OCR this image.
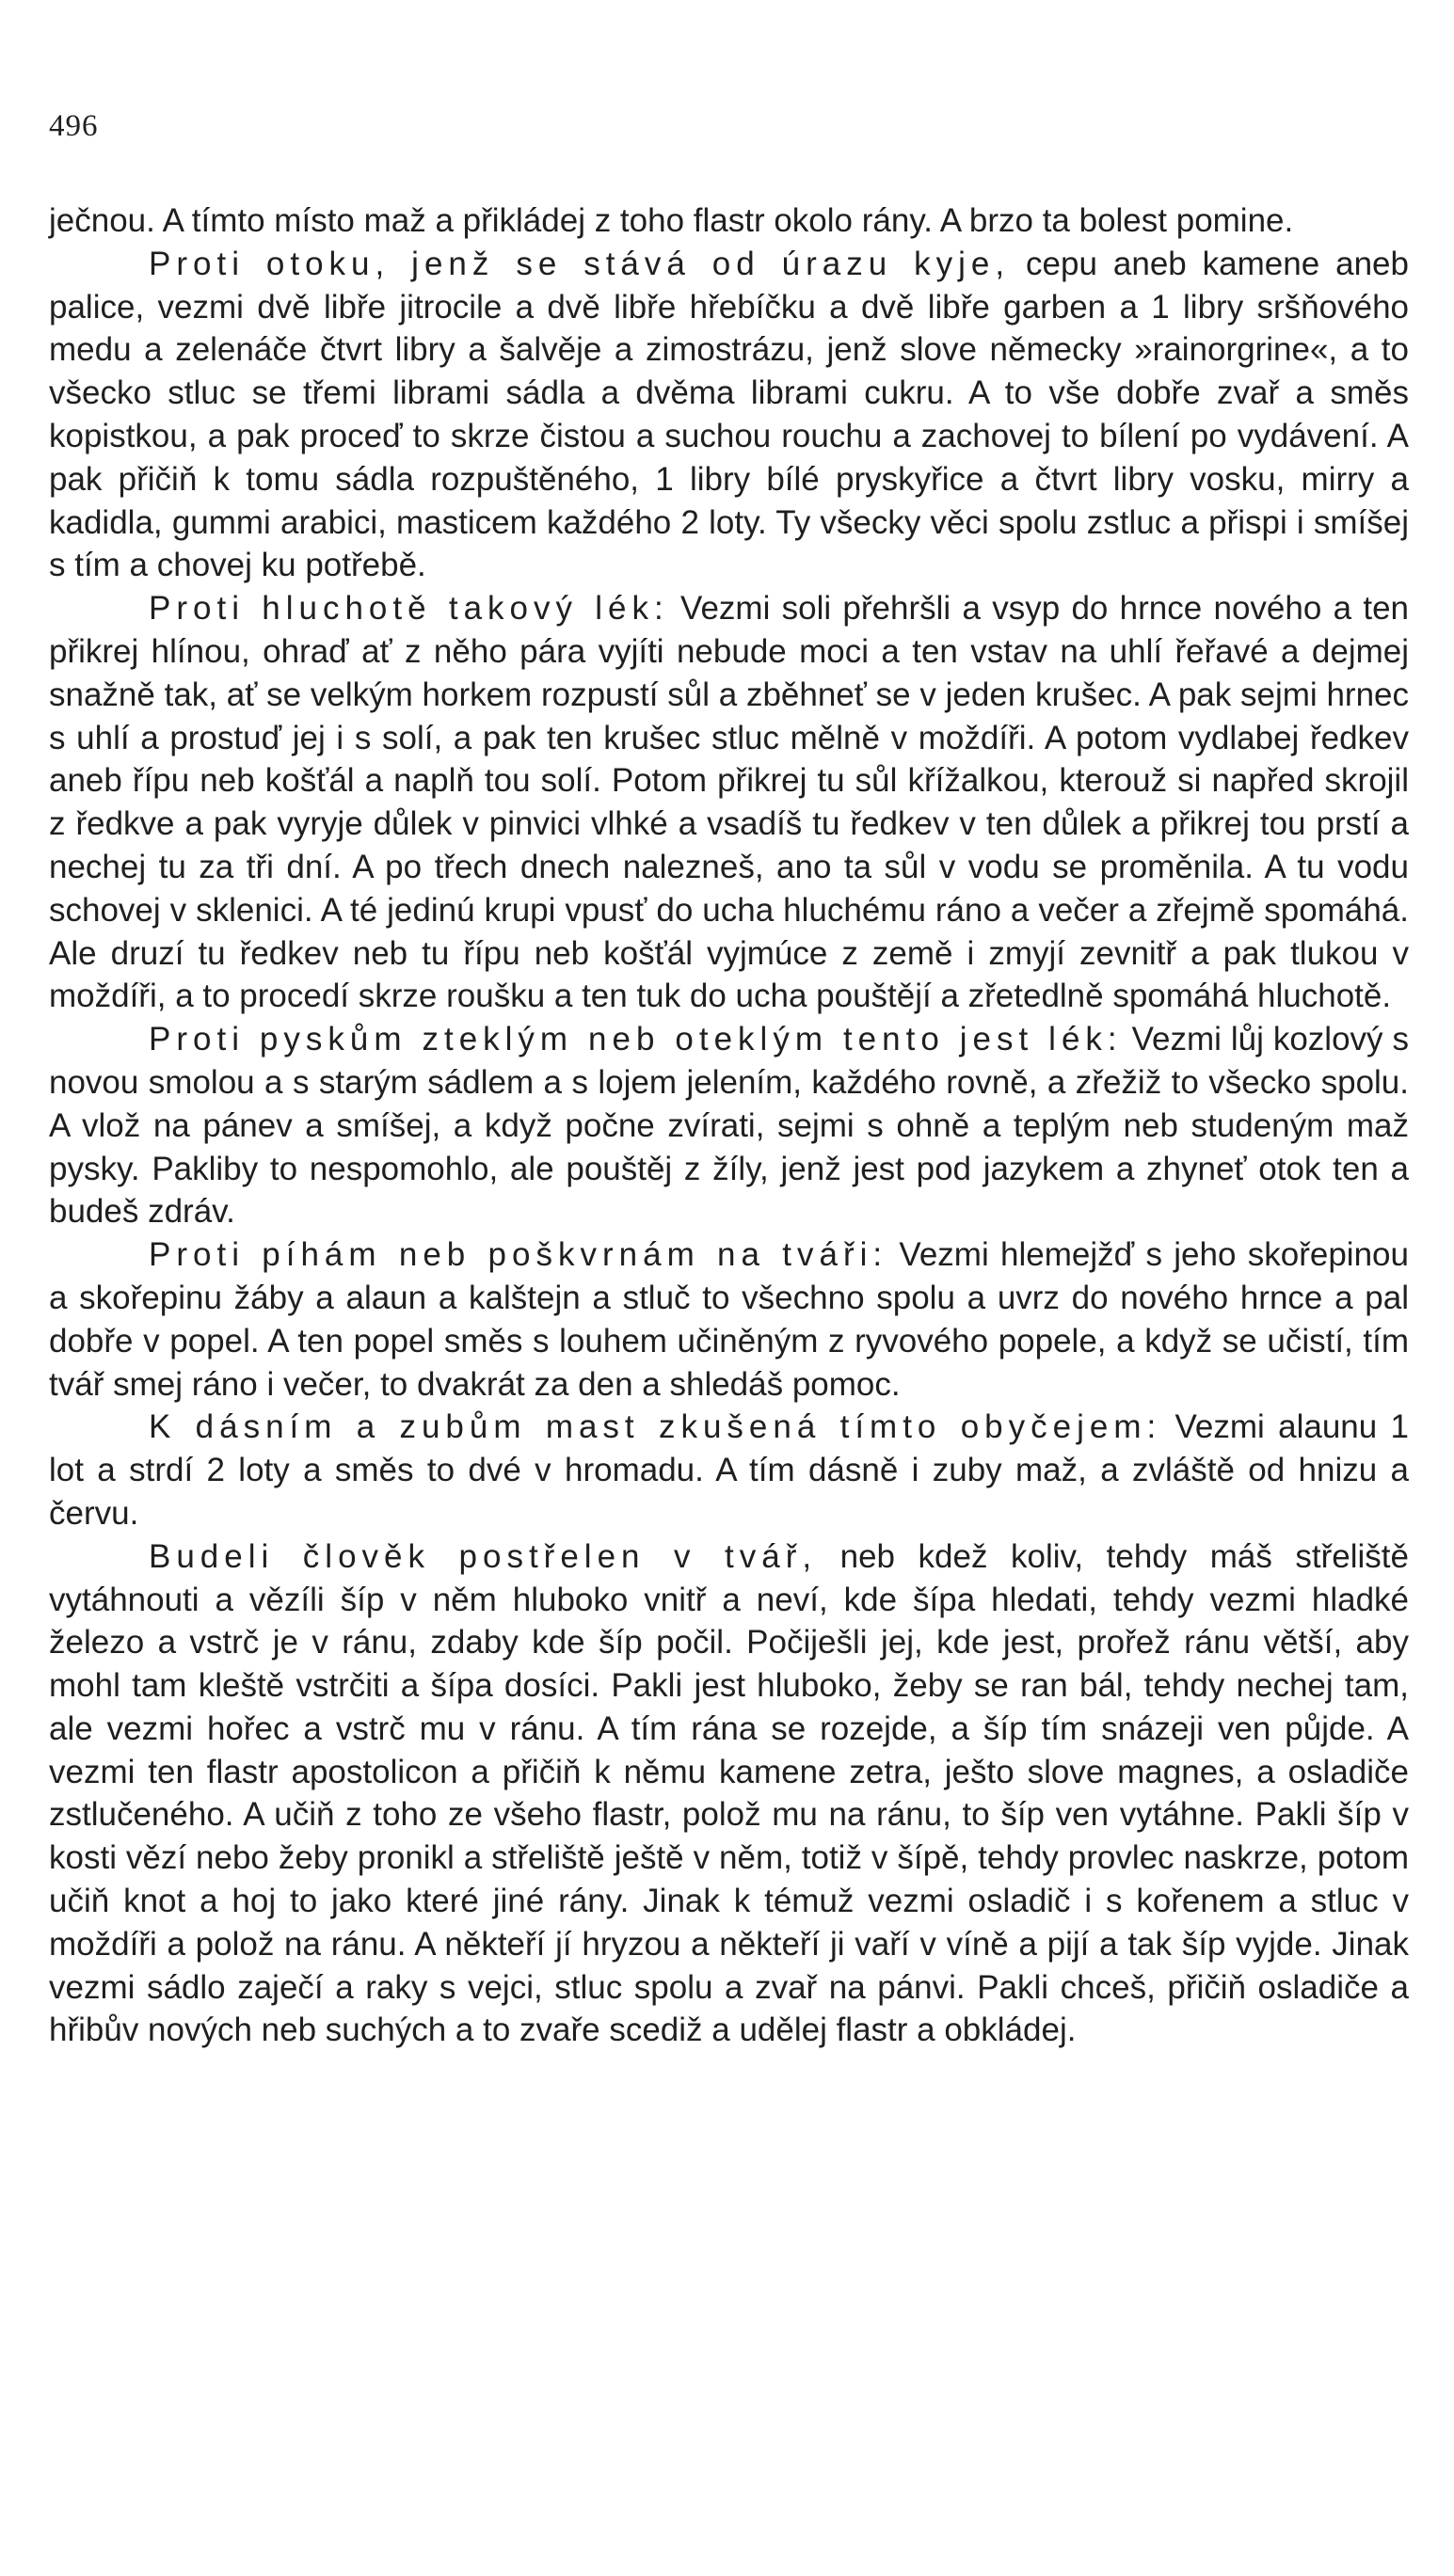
496

ječnou. A tímto místo maž a přikládej z toho flastr okolo rány. A brzo ta bolest pomine.

Proti otoku, jenž se stává od úrazu kyje, cepu aneb kamene aneb palice, vezmi dvě libře jitrocile a dvě libře hřebíčku a dvě libře garben a 1 libry sršňového medu a zelenáče čtvrt libry a šalvěje a zimostrázu, jenž slove německy »rainorgrine«, a to všecko stluc se třemi librami sádla a dvěma librami cukru. A to vše dobře zvař a směs kopistkou, a pak proceď to skrze čistou a suchou rouchu a zachovej to bílení po vydávení. A pak přičiň k tomu sádla rozpuštěného, 1 libry bílé pryskyřice a čtvrt libry vosku, mirry a kadidla, gummi arabici, masticem každého 2 loty. Ty všecky věci spolu zstluc a přispi i smíšej s tím a chovej ku potřebě.

Proti hluchotě takový lék: Vezmi soli přehršli a vsyp do hrnce nového a ten přikrej hlínou, ohraď ať z něho pára vyjíti nebude moci a ten vstav na uhlí řeřavé a dejmej snažně tak, ať se velkým horkem rozpustí sůl a zběhneť se v jeden krušec. A pak sejmi hrnec s uhlí a prostuď jej i s solí, a pak ten krušec stluc mělně v moždíři. A potom vydlabej ředkev aneb řípu neb košťál a naplň tou solí. Potom přikrej tu sůl křížalkou, kterouž si napřed skrojil z ředkve a pak vyryje důlek v pinvici vlhké a vsadíš tu ředkev v ten důlek a přikrej tou prstí a nechej tu za tři dní. A po třech dnech nalezneš, ano ta sůl v vodu se proměnila. A tu vodu schovej v sklenici. A té jedinú krupi vpusť do ucha hluchému ráno a večer a zřejmě spomáhá. Ale druzí tu ředkev neb tu řípu neb košťál vyjmúce z země i zmyjí zevnitř a pak tlukou v moždíři, a to procedí skrze roušku a ten tuk do ucha pouštějí a zřetedlně spomáhá hluchotě.

Proti pyskům zteklým neb oteklým tento jest lék: Vezmi lůj kozlový s novou smolou a s starým sádlem a s lojem jelením, každého rovně, a zřežiž to všecko spolu. A vlož na pánev a smíšej, a když počne zvírati, sejmi s ohně a teplým neb studeným maž pysky. Pakliby to nespomohlo, ale pouštěj z žíly, jenž jest pod jazykem a zhyneť otok ten a budeš zdráv.

Proti píhám neb poškvrnám na tváři: Vezmi hlemejžď s jeho skořepinou a skořepinu žáby a alaun a kalštejn a stluč to všechno spolu a uvrz do nového hrnce a pal dobře v popel. A ten popel směs s louhem učiněným z ryvového popele, a když se učistí, tím tvář smej ráno i večer, to dvakrát za den a shledáš pomoc.

K dásním a zubům mast zkušená tímto obyčejem: Vezmi alaunu 1 lot a strdí 2 loty a směs to dvé v hromadu. A tím dásně i zuby maž, a zvláště od hnizu a červu.

Budeli člověk postřelen v tvář, neb kdež koliv, tehdy máš střeliště vytáhnouti a vězíli šíp v něm hluboko vnitř a neví, kde šípa hledati, tehdy vezmi hladké železo a vstrč je v ránu, zdaby kde šíp počil. Počiješli jej, kde jest, prořež ránu větší, aby mohl tam kleště vstrčiti a šípa dosíci. Pakli jest hluboko, žeby se ran bál, tehdy nechej tam, ale vezmi hořec a vstrč mu v ránu. A tím rána se rozejde, a šíp tím snázeji ven půjde. A vezmi ten flastr apostolicon a přičiň k němu kamene zetra, ješto slove magnes, a osladiče zstlučeného. A učiň z toho ze všeho flastr, polož mu na ránu, to šíp ven vytáhne. Pakli šíp v kosti vězí nebo žeby pronikl a střeliště ještě v něm, totiž v šípě, tehdy provlec naskrze, potom učiň knot a hoj to jako které jiné rány. Jinak k témuž vezmi osladič i s kořenem a stluc v moždíři a polož na ránu. A někteří jí hryzou a někteří ji vaří v víně a pijí a tak šíp vyjde. Jinak vezmi sádlo zaječí a raky s vejci, stluc spolu a zvař na pánvi. Pakli chceš, přičiň osladiče a hřibův nových neb suchých a to zvaře scediž a udělej flastr a obkládej.
